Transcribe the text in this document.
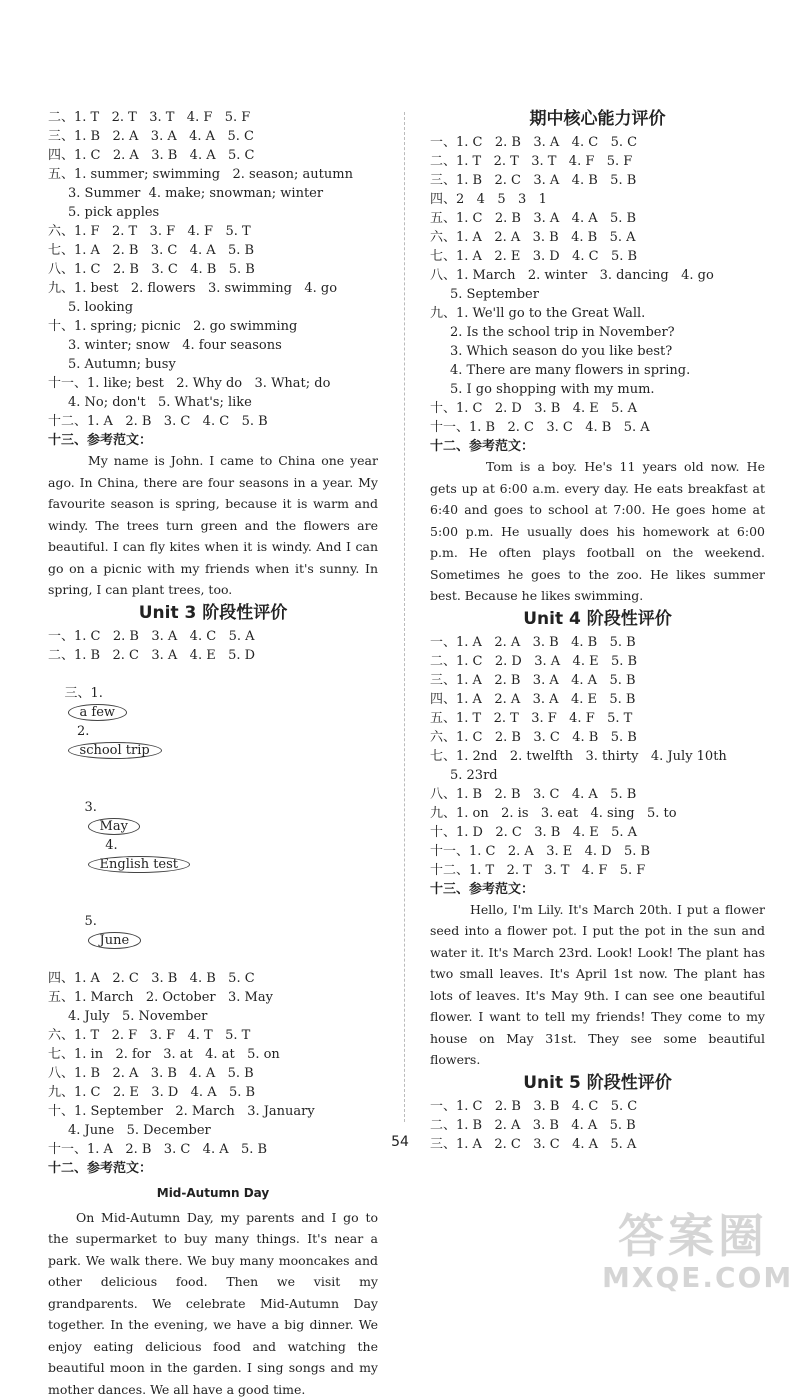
二、1. T   2. T   3. T   4. F   5. F
三、1. B   2. A   3. A   4. A   5. C
四、1. C   2. A   3. B   4. A   5. C
五、1. summer; swimming   2. season; autumn
3. Summer  4. make; snowman; winter
5. pick apples
六、1. F   2. T   3. F   4. F   5. T
七、1. A   2. B   3. C   4. A   5. B
八、1. C   2. B   3. C   4. B   5. B
九、1. best   2. flowers   3. swimming   4. go
5. looking
十、1. spring; picnic   2. go swimming
3. winter; snow   4. four seasons
5. Autumn; busy
十一、1. like; best   2. Why do   3. What; do
4. No; don't   5. What's; like
十二、1. A   2. B   3. C   4. C   5. B
十三、参考范文：

My name is John. I came to China one year ago. In China, there are four seasons in a year. My favourite season is spring, because it is warm and windy. The trees turn green and the flowers are beautiful. I can fly kites when it is windy. And I can go on a picnic with my friends when it's sunny. In spring, I can plant trees, too.

Unit 3 阶段性评价
一、1. C   2. B   3. A   4. C   5. A
二、1. B   2. C   3. A   4. E   5. D

三、1.
a few
2.
school trip

3.
May
4.
English test

5.
June

四、1. A   2. C   3. B   4. B   5. C
五、1. March   2. October   3. May
4. July   5. November
六、1. T   2. F   3. F   4. T   5. T
七、1. in   2. for   3. at   4. at   5. on
八、1. B   2. A   3. B   4. A   5. B
九、1. C   2. E   3. D   4. A   5. B
十、1. September   2. March   3. January
4. June   5. December
十一、1. A   2. B   3. C   4. A   5. B
十二、参考范文：
Mid-Autumn Day

On Mid-Autumn Day, my parents and I go to the supermarket to buy many things. It's near a park. We walk there. We buy many mooncakes and other delicious food. Then we visit my grandparents. We celebrate Mid-Autumn Day together. In the evening, we have a big dinner. We enjoy eating delicious food and watching the beautiful moon in the garden. I sing songs and my mother dances. We all have a good time.

期中核心能力评价
一、1. C   2. B   3. A   4. C   5. C
二、1. T   2. T   3. T   4. F   5. F
三、1. B   2. C   3. A   4. B   5. B
四、2   4   5   3   1
五、1. C   2. B   3. A   4. A   5. B
六、1. A   2. A   3. B   4. B   5. A
七、1. A   2. E   3. D   4. C   5. B
八、1. March   2. winter   3. dancing   4. go
5. September
九、1. We'll go to the Great Wall.
2. Is the school trip in November?
3. Which season do you like best?
4. There are many flowers in spring.
5. I go shopping with my mum.
十、1. C   2. D   3. B   4. E   5. A
十一、1. B   2. C   3. C   4. B   5. A
十二、参考范文：

Tom is a boy. He's 11 years old now. He gets up at 6:00 a.m. every day. He eats breakfast at 6:40 and goes to school at 7:00. He goes home at 5:00 p.m. He usually does his homework at 6:00 p.m. He often plays football on the weekend. Sometimes he goes to the zoo. He likes summer best. Because he likes swimming.

Unit 4 阶段性评价
一、1. A   2. A   3. B   4. B   5. B
二、1. C   2. D   3. A   4. E   5. B
三、1. A   2. B   3. A   4. A   5. B
四、1. A   2. A   3. A   4. E   5. B
五、1. T   2. T   3. F   4. F   5. T
六、1. C   2. B   3. C   4. B   5. B
七、1. 2nd   2. twelfth   3. thirty   4. July 10th
5. 23rd
八、1. B   2. B   3. C   4. A   5. B
九、1. on   2. is   3. eat   4. sing   5. to
十、1. D   2. C   3. B   4. E   5. A
十一、1. C   2. A   3. E   4. D   5. B
十二、1. T   2. T   3. T   4. F   5. F
十三、参考范文：

Hello, I'm Lily. It's March 20th. I put a flower seed into a flower pot. I put the pot in the sun and water it. It's March 23rd. Look! Look! The plant has two small leaves. It's April 1st now. The plant has lots of leaves. It's May 9th. I can see one beautiful flower. I want to tell my friends! They come to my house on May 31st. They see some beautiful flowers.

Unit 5 阶段性评价
一、1. C   2. B   3. B   4. C   5. C
二、1. B   2. A   3. B   4. A   5. B
三、1. A   2. C   3. C   4. A   5. A
54
答案圈
MXQE.COM
